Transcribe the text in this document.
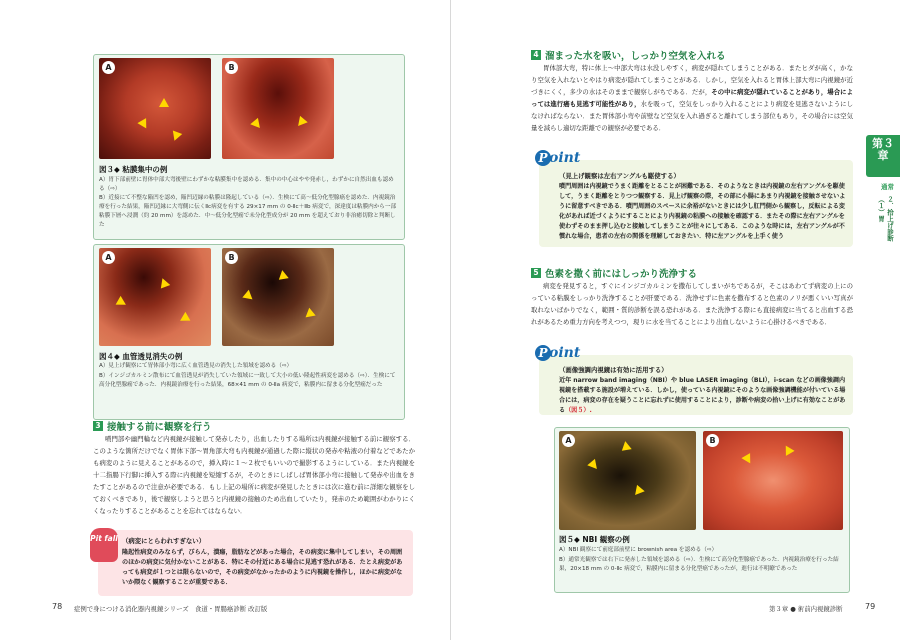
A	B
図３◆ 粘膜集中の例
A）胃下部前壁に胃体中部大弯後壁にわずかな粘膜集中を認める．集中の中心はやや発赤し，わずかに自然出血も認める（⇨）
B）近接にて不整な陥凹を認め，陥凹辺縁の粘膜は隆起している（⇨）．生検にて高～低分化型腺癌を認めた．内視鏡治療を行った結果，陥凹辺縁に大弯側に伝くⅡc病変を有する 29×17 mm の 0-Ⅱc＋Ⅱb 病変で，深達度は粘膜内から一部粘膜下層へ浸潤（約 20 mm）を認めた．中～低分化型癌で未分化型成分が 20 mm を超えており非治癒切除と判断した
A	B
図４◆ 血管透見消失の例
A）見上げ観察にて胃体部小弯に広く血管透見の消失した領域を認める（⇨）
B）インジゴカルミン散布にて血管透見が消失していた領域に一致して大小の低い隆起性病変を認める（⇨）．生検にて高分化型腺癌であった．内視鏡治療を行った結果，68×41 mm の 0-Ⅱa 病変で，粘膜内に留まる分化型癌だった
3 接触する前に観察を行う
噴門部や幽門輪など内視鏡が接触して発赤したり，出血したりする場所は内視鏡が接触する前に観察する．このような箇所だけでなく胃体下部～胃角部大弯も内視鏡が通過した際に縦状の発赤や粘液の付着などであたかも病変のように見えることがあるので，挿入時に１～２枚でもいいので撮影するようにしている．また内視鏡を十二指腸下行脚に挿入する際に内視鏡を短縮するが，そのときにしばしば胃体部小弯に接触して発赤や出血をきたすことがあるので注意が必要である．もし上記の場所に病変が発見したときには次に進む前に詳細な観察をしておくべきであり，後で観察しようと思うと内視鏡の接触のため出血していたり，発赤のため範囲がわかりにくくなったりすることがあることを忘れてはならない．
Pit fall （病変にとらわれすぎない）
隆起性病変のみならず，びらん，潰瘍，脂肪などがあった場合，その病変に集中してしまい，その周囲のほかの病変に気付かないことがある．特にその付近にある場合に見逃す恐れがある．たとえ病変があっても病変が１つとは限らないので，その病変がなかったかのように内視鏡を操作し，ほかに病変がないか隈なく観察することが重要である．
78 症例で身につける消化器内視鏡シリーズ　食道・胃腸癌診断 改訂版
4 溜まった水を吸い，しっかり空気を入れる
胃体部大弯，特に体上～中部大弯は水没しやすく，病変が隠れてしまうことがある．またヒダが高く，かなり空気を入れないとやはり病変が隠れてしまうことがある．しかし，空気を入れると胃体上部大弯に内視鏡が近づきにくく，多少の水はそのままで観察しがちである．だが，その中に病変が隠れていることがあり，場合によっては進行癌も見逃す可能性があり，水を吸って，空気をしっかり入れることにより病変を見逃さないようにしなければならない．また胃体部小弯や前壁など空気を入れ過ぎると離れてしまう部位もあり，その場合には空気量を減らし適切な距離での観察が必要である．
Point
（見上げ観察は左右アングルも駆使する）
噴門周囲は内視鏡でうまく距離をとることが困難である．そのようなときは内視鏡の左右アングルを駆使して，うまく距離をとりつつ観察する．見上げ観察の際，その部に小腸にあまり内視鏡を接触させないように留意すべきである．噴門周囲のスペースに余裕がないときには少し肛門側から観察し，反転による変化があれば近づくようにすることにより内視鏡の粘膜への接触を確認する．またその際に左右アングルを使わずそのまま押し込むと接触してしまうことが往々にしてある．このような時には，左右アングルが不慣れな場合，患者の左右の関係を理解しておきたい．特に左アングルを上手く使う
5 色素を撒く前にはしっかり洗浄する
病変を発見すると，すぐにインジゴカルミンを撒布してしまいがちであるが，そこはあわてず病変の上にのっている粘膜をしっかり洗浄することが肝要である．洗浄せずに色素を撒布すると色素のノリが悪くいい写真が取れないばかりでなく，範囲・質的診断を誤る恐れがある．また洗浄する際にも直接病変に当てると出血する恐れがあるため重力方向を考えつつ，現りに水を当てることにより出血しないように心掛けるべきである．
Point
（画像強調内視鏡は有効に活用する）
近年 narrow band imaging（NBI）や blue LASER imaging（BLI），i-scan などの画像強調内視鏡を搭載する施設が増えている．しかし，使っている内視鏡にそのような画像強調機能が付いている場合には，病変の存在を疑うことに忘れずに使用することにより，診断や病変の拾い上げに有効なことがある（図５）.
A	B
図５◆ NBI 観察の例
A）NBI 観察にて前庭部前壁に brownish area を認める（⇨）
B）通常光観察では右下に発赤した領域を認める（⇨）．生検にて高分化型腺癌であった．内視鏡治療を行った結果，20×18 mm の 0-Ⅱc 病変で，粘膜内に留まる分化型癌であったが，進行は不明瞭であった
第３
章
通常
２．拾上げ診断（１）胃
第３章 ● 術前内視鏡診断	79
